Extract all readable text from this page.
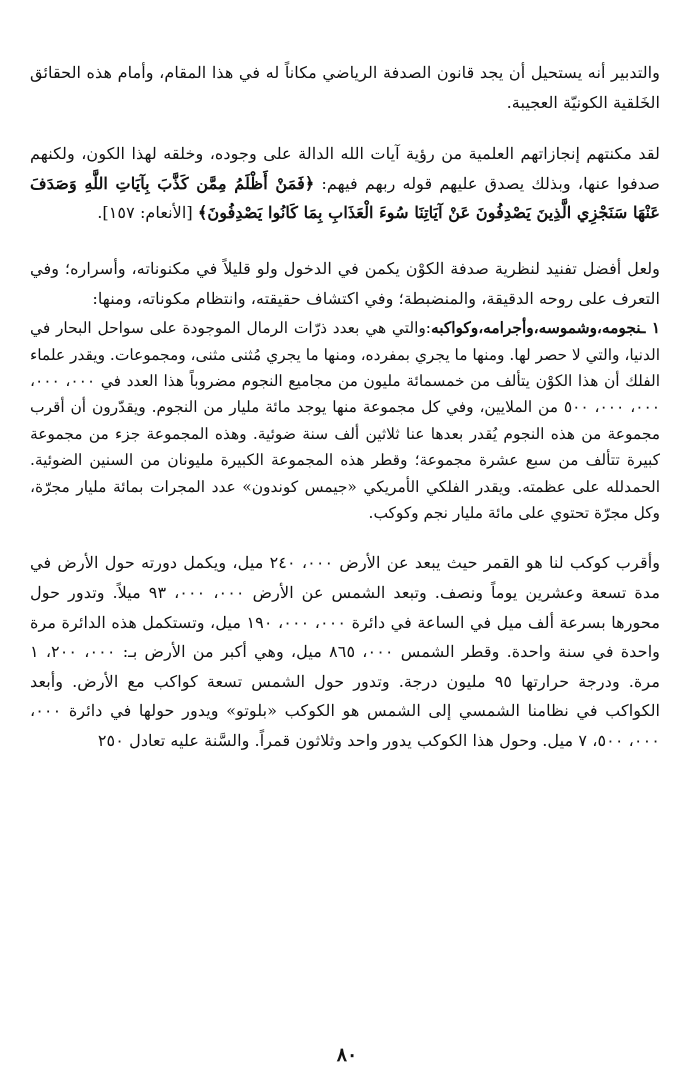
والتدبير أنه يستحيل أن يجد قانون الصدفة الرياضي مكاناً له في هذا المقام، وأمام هذه الحقائق الخَلقية الكونيّة العجيبة.

لقد مكنتهم إنجازاتهم العلمية من رؤية آيات الله الدالة على وجوده، وخلقه لهذا الكون، ولكنهم صدفوا عنها، وبذلك يصدق عليهم قوله ربهم فيهم: ﴿فَمَنْ أَظْلَمُ مِمَّن كَذَّبَ بِآيَاتِ اللَّهِ وَصَدَفَ عَنْهَا سَنَجْزِي الَّذِينَ يَصْدِفُونَ عَنْ آيَاتِنَا سُوءَ الْعَذَابِ بِمَا كَانُوا يَصْدِفُونَ﴾ [الأنعام: ١٥٧].

ولعل أفضل تفنيد لنظرية صدفة الكوْن يكمن في الدخول ولو قليلاً في مكنوناته، وأسراره؛ وفي التعرف على روحه الدقيقة، والمنضبطة؛ وفي اكتشاف حقيقته، وانتظام مكوناته، ومنها:

١ ـنجومه،وشموسه،وأجرامه،وكواكبه:والتي هي بعدد ذرّات الرمال الموجودة على سواحل البحار في الدنيا، والتي لا حصر لها. ومنها ما يجري بمفرده، ومنها ما يجري مُثنى مثنى، ومجموعات. ويقدر علماء الفلك أن هذا الكوْن يتألف من خمسمائة مليون من مجاميع النجوم مضروباً هذا العدد في ٠٠٠، ٠٠٠، ٠٠٠، ٠٠٠، ٥٠٠ من الملايين، وفي كل مجموعة منها يوجد مائة مليار من النجوم. ويقدّرون أن أقرب مجموعة من هذه النجوم يُقدر بعدها عنا ثلاثين ألف سنة ضوئية. وهذه المجموعة جزء من مجموعة كبيرة تتألف من سبع عشرة مجموعة؛ وقطر هذه المجموعة الكبيرة مليونان من السنين الضوئية. الحمدلله على عظمته. ويقدر الفلكي الأمريكي «جيمس كوندون» عدد المجرات بمائة مليار مجرّة، وكل مجرّة تحتوي على مائة مليار نجم وكوكب.

وأقرب كوكب لنا هو القمر حيث يبعد عن الأرض ٠٠٠، ٢٤٠ ميل، ويكمل دورته حول الأرض في مدة تسعة وعشرين يوماً ونصف. وتبعد الشمس عن الأرض ٠٠٠، ٠٠٠، ٩٣ ميلاً. وتدور حول محورها بسرعة ألف ميل في الساعة في دائرة ٠٠٠، ٠٠٠، ١٩٠ ميل، وتستكمل هذه الدائرة مرة واحدة في سنة واحدة. وقطر الشمس ٠٠٠، ٨٦٥ ميل، وهي أكبر من الأرض بـ: ٠٠٠، ٢٠٠، ١ مرة. ودرجة حرارتها ٩٥ مليون درجة. وتدور حول الشمس تسعة كواكب مع الأرض. وأبعد الكواكب في نظامنا الشمسي إلى الشمس هو الكوكب «بلوتو» ويدور حولها في دائرة ٠٠٠، ٠٠٠، ٥٠٠، ٧ ميل. وحول هذا الكوكب يدور واحد وثلاثون قمراً. والسَّنة عليه تعادل ٢٥٠

٨٠
